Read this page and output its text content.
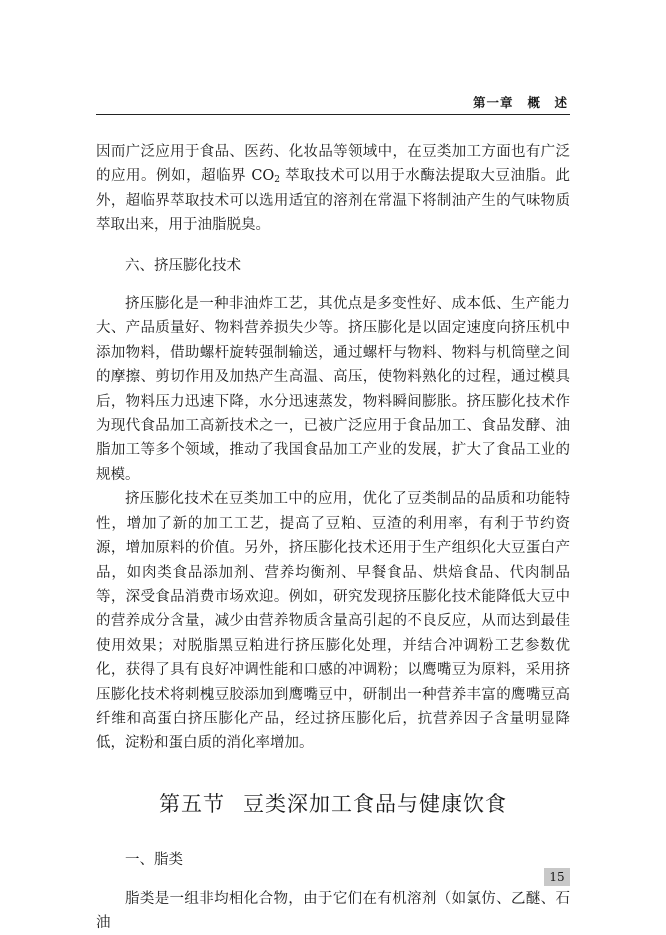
第一章 概　述

因而广泛应用于食品、医药、化妆品等领域中，在豆类加工方面也有广泛的应用。例如，超临界 $CO_2$ 萃取技术可以用于水酶法提取大豆油脂。此外，超临界萃取技术可以选用适宜的溶剂在常温下将制油产生的气味物质萃取出来，用于油脂脱臭。

六、挤压膨化技术

挤压膨化是一种非油炸工艺，其优点是多变性好、成本低、生产能力大、产品质量好、物料营养损失少等。挤压膨化是以固定速度向挤压机中添加物料，借助螺杆旋转强制输送，通过螺杆与物料、物料与机筒壁之间的摩擦、剪切作用及加热产生高温、高压，使物料熟化的过程，通过模具后，物料压力迅速下降，水分迅速蒸发，物料瞬间膨胀。挤压膨化技术作为现代食品加工高新技术之一，已被广泛应用于食品加工、食品发酵、油脂加工等多个领域，推动了我国食品加工产业的发展，扩大了食品工业的规模。

挤压膨化技术在豆类加工中的应用，优化了豆类制品的品质和功能特性，增加了新的加工工艺，提高了豆粕、豆渣的利用率，有利于节约资源，增加原料的价值。另外，挤压膨化技术还用于生产组织化大豆蛋白产品，如肉类食品添加剂、营养均衡剂、早餐食品、烘焙食品、代肉制品等，深受食品消费市场欢迎。例如，研究发现挤压膨化技术能降低大豆中的营养成分含量，减少由营养物质含量高引起的不良反应，从而达到最佳使用效果；对脱脂黑豆粕进行挤压膨化处理，并结合冲调粉工艺参数优化，获得了具有良好冲调性能和口感的冲调粉；以鹰嘴豆为原料，采用挤压膨化技术将刺槐豆胶添加到鹰嘴豆中，研制出一种营养丰富的鹰嘴豆高纤维和高蛋白挤压膨化产品，经过挤压膨化后，抗营养因子含量明显降低，淀粉和蛋白质的消化率增加。

第五节 豆类深加工食品与健康饮食

一、脂类

脂类是一组非均相化合物，由于它们在有机溶剂（如氯仿、乙醚、石油

15
